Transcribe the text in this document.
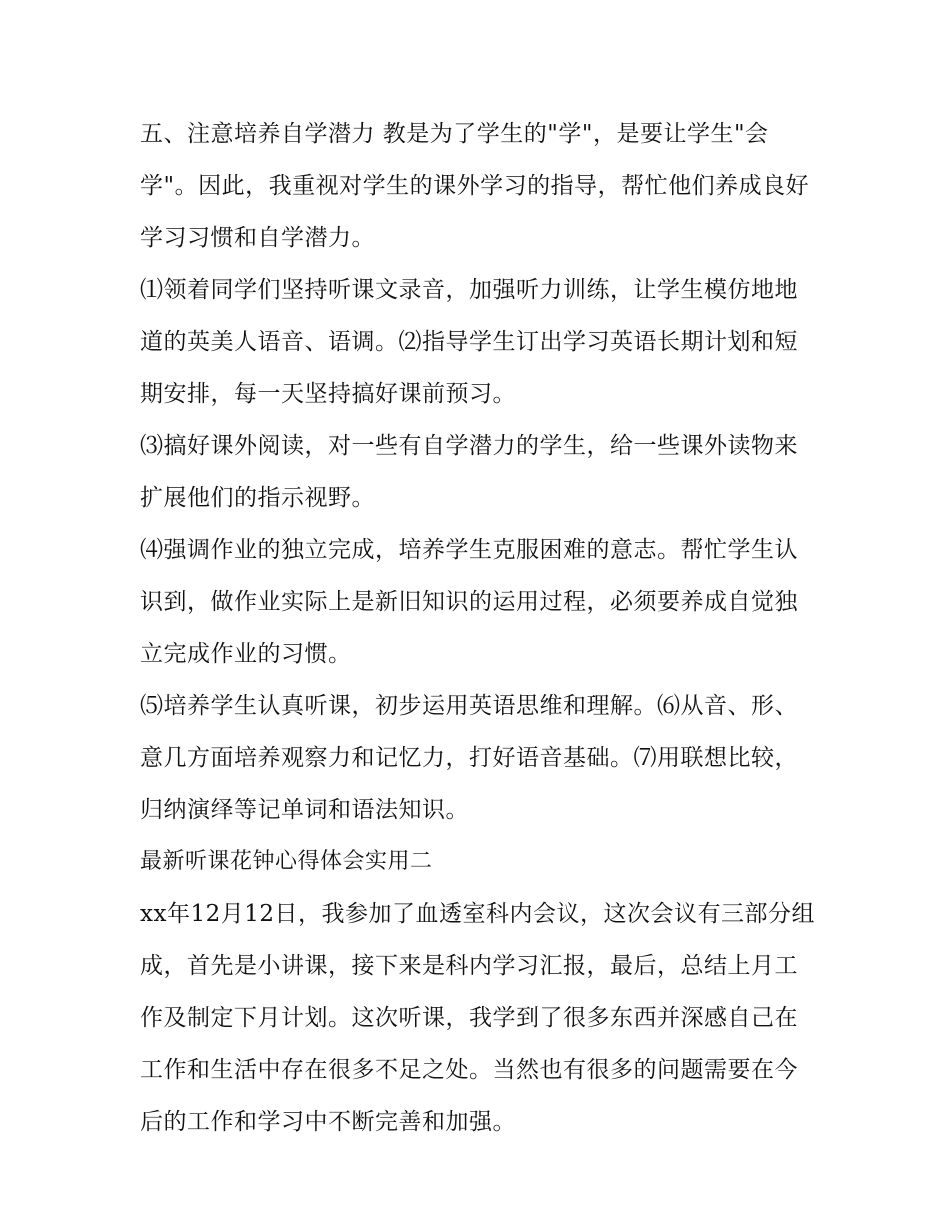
五、注意培养自学潜力 教是为了学生的"学"，是要让学生"会学"。因此，我重视对学生的课外学习的指导，帮忙他们养成良好学习习惯和自学潜力。

⑴领着同学们坚持听课文录音，加强听力训练，让学生模仿地地道的英美人语音、语调。⑵指导学生订出学习英语长期计划和短期安排，每一天坚持搞好课前预习。

⑶搞好课外阅读，对一些有自学潜力的学生，给一些课外读物来扩展他们的指示视野。

⑷强调作业的独立完成，培养学生克服困难的意志。帮忙学生认识到，做作业实际上是新旧知识的运用过程，必须要养成自觉独立完成作业的习惯。

⑸培养学生认真听课，初步运用英语思维和理解。⑹从音、形、意几方面培养观察力和记忆力，打好语音基础。⑺用联想比较，归纳演绎等记单词和语法知识。

最新听课花钟心得体会实用二

xx年12月12日，我参加了血透室科内会议，这次会议有三部分组成，首先是小讲课，接下来是科内学习汇报，最后，总结上月工作及制定下月计划。这次听课，我学到了很多东西并深感自己在工作和生活中存在很多不足之处。当然也有很多的问题需要在今后的工作和学习中不断完善和加强。
